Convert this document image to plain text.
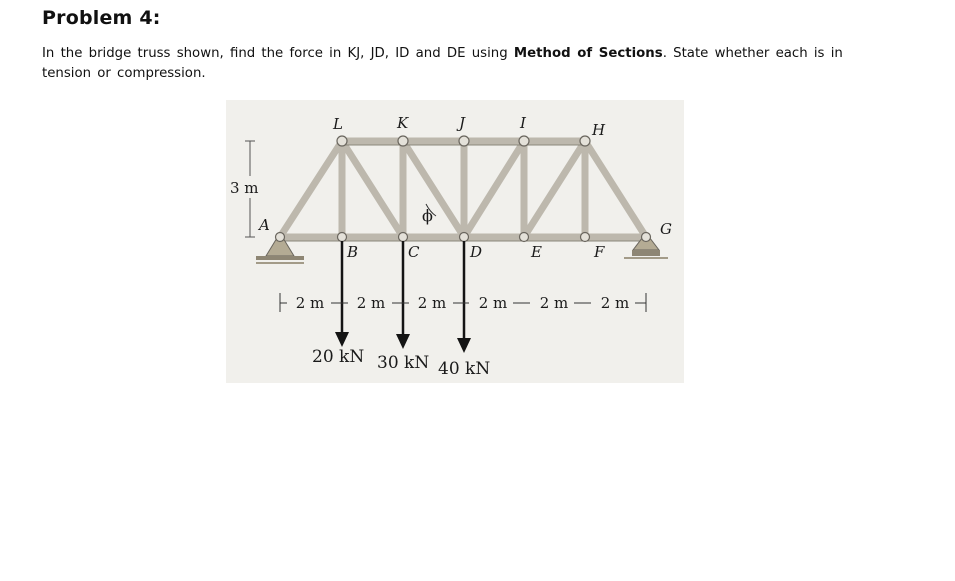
Problem 4:

In the bridge truss shown, find the force in KJ, JD, ID and DE using Method of Sections. State whether each is in tension or compression.

3 m
L	K	J	I	H
A
B	C	D	E	F
G
ϕ
2 m 2 m 2 m 2 m 2 m 2 m
20 kN 30 kN 40 kN
